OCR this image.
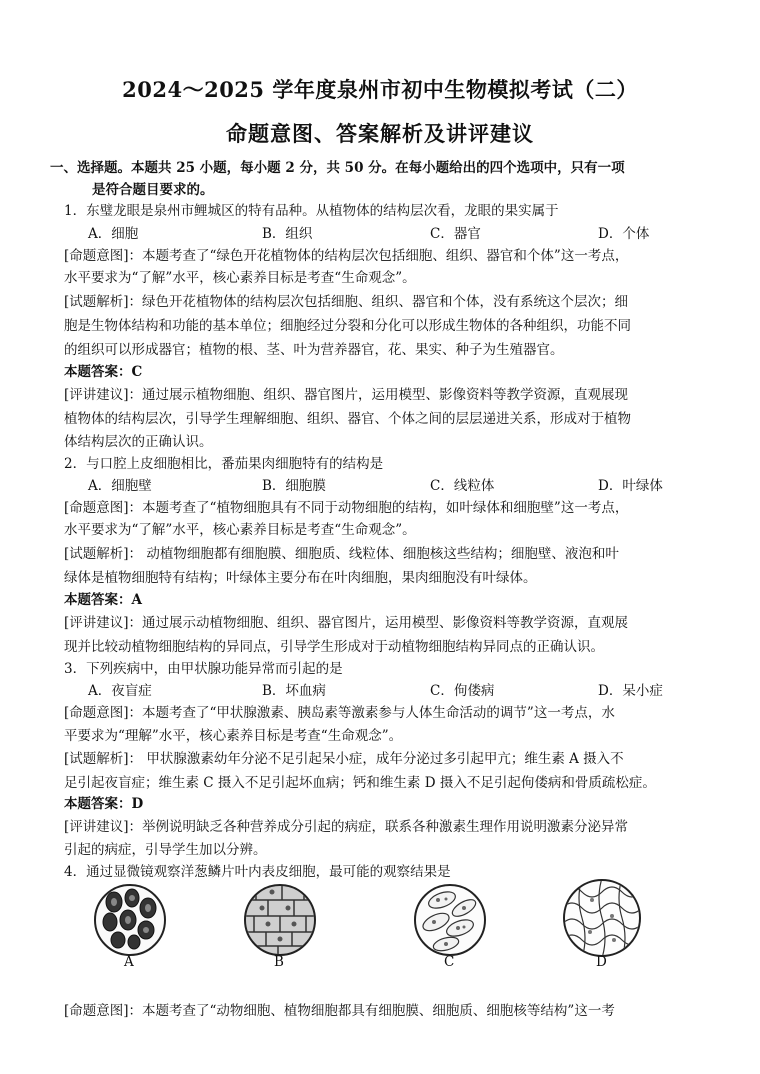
2024～2025 学年度泉州市初中生物模拟考试（二）
命题意图、答案解析及讲评建议
一、选择题。本题共 25 小题，每小题 2 分，共 50 分。在每小题给出的四个选项中，只有一项
是符合题目要求的。
1．东璧龙眼是泉州市鲤城区的特有品种。从植物体的结构层次看，龙眼的果实属于
A．细胞	B．组织	C．器官	D．个体
[命题意图]：本题考查了“绿色开花植物体的结构层次包括细胞、组织、器官和个体”这一考点，
水平要求为“了解”水平，核心素养目标是考查“生命观念”。
[试题解析]：绿色开花植物体的结构层次包括细胞、组织、器官和个体，没有系统这个层次；细
胞是生物体结构和功能的基本单位；细胞经过分裂和分化可以形成生物体的各种组织，功能不同
的组织可以形成器官；植物的根、茎、叶为营养器官，花、果实、种子为生殖器官。
本题答案：C
[评讲建议]：通过展示植物细胞、组织、器官图片，运用模型、影像资料等教学资源，直观展现
植物体的结构层次，引导学生理解细胞、组织、器官、个体之间的层层递进关系，形成对于植物
体结构层次的正确认识。
2．与口腔上皮细胞相比，番茄果肉细胞特有的结构是
A．细胞壁	B．细胞膜	C．线粒体	D．叶绿体
[命题意图]：本题考查了“植物细胞具有不同于动物细胞的结构，如叶绿体和细胞壁”这一考点，
水平要求为“了解”水平，核心素养目标是考查“生命观念”。
[试题解析]： 动植物细胞都有细胞膜、细胞质、线粒体、细胞核这些结构；细胞壁、液泡和叶
绿体是植物细胞特有结构；叶绿体主要分布在叶肉细胞，果肉细胞没有叶绿体。
本题答案：A
[评讲建议]：通过展示动植物细胞、组织、器官图片，运用模型、影像资料等教学资源，直观展
现并比较动植物细胞结构的异同点，引导学生形成对于动植物细胞结构异同点的正确认识。
3．下列疾病中，由甲状腺功能异常而引起的是
A．夜盲症	B．坏血病	C．佝偻病	D．呆小症
[命题意图]：本题考查了“甲状腺激素、胰岛素等激素参与人体生命活动的调节”这一考点，水
平要求为“理解”水平，核心素养目标是考查“生命观念”。
[试题解析]： 甲状腺激素幼年分泌不足引起呆小症，成年分泌过多引起甲亢；维生素 A 摄入不
足引起夜盲症；维生素 C 摄入不足引起坏血病；钙和维生素 D 摄入不足引起佝偻病和骨质疏松症。
本题答案：D
[评讲建议]：举例说明缺乏各种营养成分引起的病症，联系各种激素生理作用说明激素分泌异常
引起的病症，引导学生加以分辨。
4．通过显微镜观察洋葱鳞片叶内表皮细胞，最可能的观察结果是
A	B	C	D
[命题意图]：本题考查了“动物细胞、植物细胞都具有细胞膜、细胞质、细胞核等结构”这一考
